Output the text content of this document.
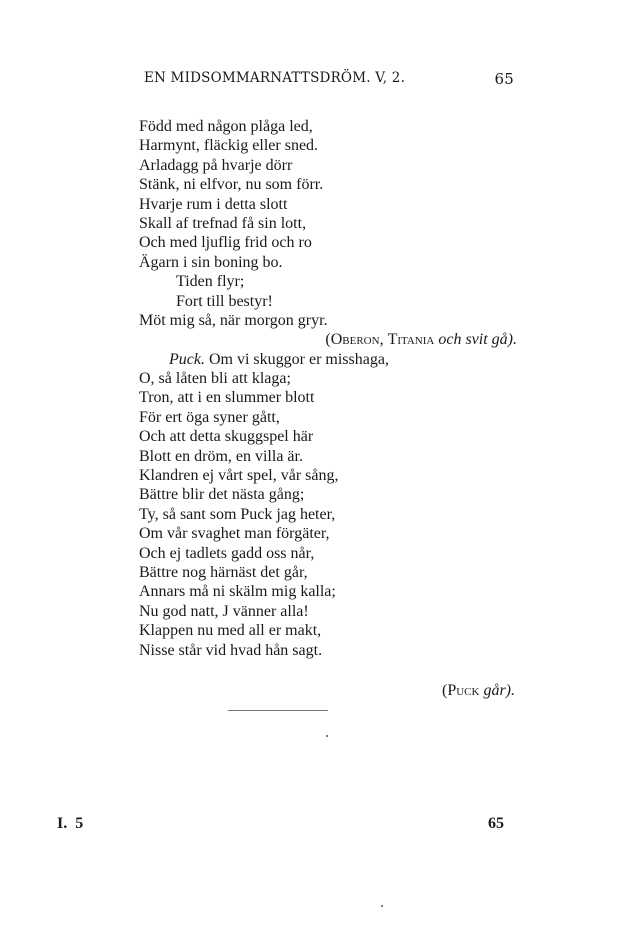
EN MIDSOMMARNATTSDRÖM. V, 2.	65
Född med någon plåga led,
Harmynt, fläckig eller sned.
Arladagg på hvarje dörr
Stänk, ni elfvor, nu som förr.
Hvarje rum i detta slott
Skall af trefnad få sin lott,
Och med ljuflig frid och ro
Ägarn i sin boning bo.
Tiden flyr;
Fort till bestyr!
Möt mig så, när morgon gryr.
(Oberon, Titania och svit gå).
Puck. Om vi skuggor er misshaga,
O, så låten bli att klaga;
Tron, att i en slummer blott
För ert öga syner gått,
Och att detta skuggspel här
Blott en dröm, en villa är.
Klandren ej vårt spel, vår sång,
Bättre blir det nästa gång;
Ty, så sant som Puck jag heter,
Om vår svaghet man förgäter,
Och ej tadlets gadd oss når,
Bättre nog härnäst det går,
Annars må ni skälm mig kalla;
Nu god natt, J vänner alla!
Klappen nu med all er makt,
Nisse står vid hvad hån sagt.
(Puck går).
I.  5	65
